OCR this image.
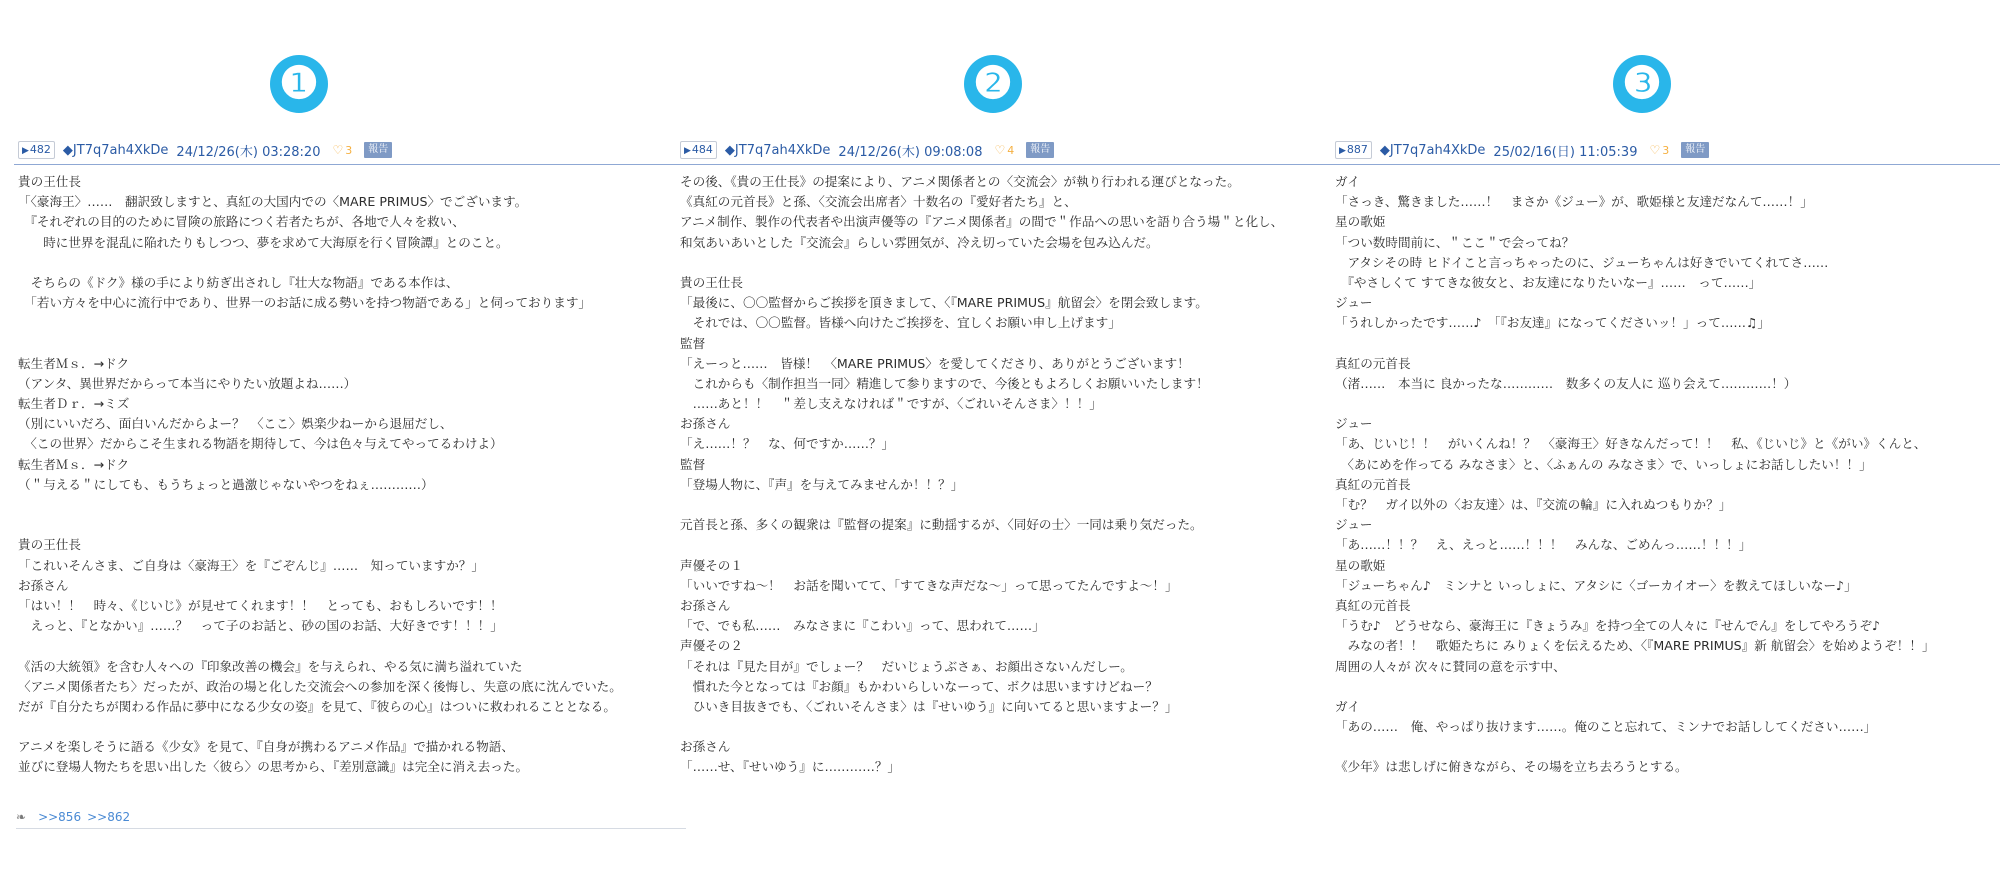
❶	❷	❸
▶482 ◆JT7q7ah4XkDe 24/12/26(木) 03:28:20 ♡ 3	報告
貴の王仕長
「〈豪海王〉……　翻訳致しますと、真紅の大国内での〈MARE PRIMUS〉でございます。
　『それぞれの目的のために冒険の旅路につく若者たちが、各地で人々を救い、
　　時に世界を混乱に陥れたりもしつつ、夢を求めて大海原を行く冒険譚』とのこと。
　そちらの《ドク》様の手により紡ぎ出されし『壮大な物語』である本作は、
　「若い方々を中心に流行中であり、世界一のお話に成る勢いを持つ物語である」と伺っております」
転生者Ｍｓ．→ドク
（アンタ、異世界だからって本当にやりたい放題よね……）
転生者Ｄｒ．→ミズ
（別にいいだろ、面白いんだからよー？　〈ここ〉娯楽少ねーから退屈だし、
　〈この世界〉だからこそ生まれる物語を期待して、今は色々与えてやってるわけよ）
転生者Ｍｓ．→ドク
（＂与える＂にしても、もうちょっと過激じゃないやつをねぇ…………）
貴の王仕長
「これいそんさま、ご自身は〈豪海王〉を『ごぞんじ』……　知っていますか？」
お孫さん
「はい！！　時々、《じいじ》が見せてくれます！！　とっても、おもしろいです！！
　えっと、『となかい』……？　って子のお話と、砂の国のお話、大好きです！！！」
《活の大統領》を含む人々への『印象改善の機会』を与えられ、やる気に満ち溢れていた
〈アニメ関係者たち〉だったが、政治の場と化した交流会への参加を深く後悔し、失意の底に沈んでいた。
だが『自分たちが関わる作品に夢中になる少女の姿』を見て、『彼らの心』はついに救われることとなる。
アニメを楽しそうに語る《少女》を見て、『自身が携わるアニメ作品』で描かれる物語、
並びに登場人物たちを思い出した〈彼ら〉の思考から、『差別意識』は完全に消え去った。
▶484 ◆JT7q7ah4XkDe 24/12/26(木) 09:08:08 ♡ 4	報告
その後、《貴の王仕長》の提案により、アニメ関係者との〈交流会〉が執り行われる運びとなった。
《真紅の元首長》と孫、〈交流会出席者〉十数名の『愛好者たち』と、
アニメ制作、製作の代表者や出演声優等の『アニメ関係者』の間で＂作品への思いを語り合う場＂と化し、
和気あいあいとした『交流会』らしい雰囲気が、冷え切っていた会場を包み込んだ。
貴の王仕長
「最後に、〇〇監督からご挨拶を頂きまして、〈『MARE PRIMUS』航留会〉を閉会致します。
　それでは、〇〇監督。皆様へ向けたご挨拶を、宜しくお願い申し上げます」
監督
「えーっと……　皆様！　〈MARE PRIMUS〉を愛してくださり、ありがとうございます！
　これからも〈制作担当一同〉精進して参りますので、今後ともよろしくお願いいたします！
　……あと！！　＂差し支えなければ＂ですが、〈ごれいそんさま〉！！」
お孫さん
「え……！？　な、何ですか……？」
監督
「登場人物に、『声』を与えてみませんか！！？」
元首長と孫、多くの観衆は『監督の提案』に動揺するが、〈同好の士〉一同は乗り気だった。
声優その１
「いいですね〜！　お話を聞いてて、「すてきな声だな〜」って思ってたんですよ〜！」
お孫さん
「で、でも私……　みなさまに『こわい』って、思われて……」
声優その２
「それは『見た目が』でしょー？　だいじょうぶさぁ、お顔出さないんだしー。
　慣れた今となっては『お顔』もかわいらしいなーって、ボクは思いますけどねー？
　ひいき目抜きでも、〈ごれいそんさま〉は『せいゆう』に向いてると思いますよー？」
お孫さん
「……せ、『せいゆう』に…………？」
▶887 ◆JT7q7ah4XkDe 25/02/16(日) 11:05:39 ♡ 3	報告
ガイ
「さっき、驚きました……！　まさか《ジュー》が、歌姫様と友達だなんて……！」
星の歌姫
「つい数時間前に、＂ここ＂で会ってね？
　アタシその時 ヒドイこと言っちゃったのに、ジューちゃんは好きでいてくれてさ……
　『やさしくて すてきな彼女と、お友達になりたいなー』……　って……」
ジュー
「うれしかったです……♪　「『お友達』になってくださいッ！」って……♫」
真紅の元首長
（渚……　本当に 良かったな…………　数多くの友人に 巡り会えて…………！）
ジュー
「あ、じいじ！！　がいくんね！？　〈豪海王〉好きなんだって！！　私、《じいじ》と《がい》くんと、
　〈あにめを作ってる みなさま〉と、〈ふぁんの みなさま〉で、いっしょにお話ししたい！！」
真紅の元首長
「む？　ガイ以外の〈お友達〉は、『交流の輪』に入れぬつもりか？」
ジュー
「あ……！！？　え、えっと……！！！　みんな、ごめんっ……！！！」
星の歌姫
「ジューちゃん♪　ミンナと いっしょに、アタシに〈ゴーカイオー〉を教えてほしいなー♪」
真紅の元首長
「うむ♪　どうせなら、豪海王に『きょうみ』を持つ全ての人々に『せんでん』をしてやろうぞ♪
　みなの者！！　歌姫たちに みりょくを伝えるため、〈『MARE PRIMUS』新 航留会〉を始めようぞ！！」
周囲の人々が 次々に賛同の意を示す中、
ガイ
「あの……　俺、やっぱり抜けます……。俺のこと忘れて、ミンナでお話ししてください……」
《少年》は悲しげに俯きながら、その場を立ち去ろうとする。
❧ >>856 >>862
